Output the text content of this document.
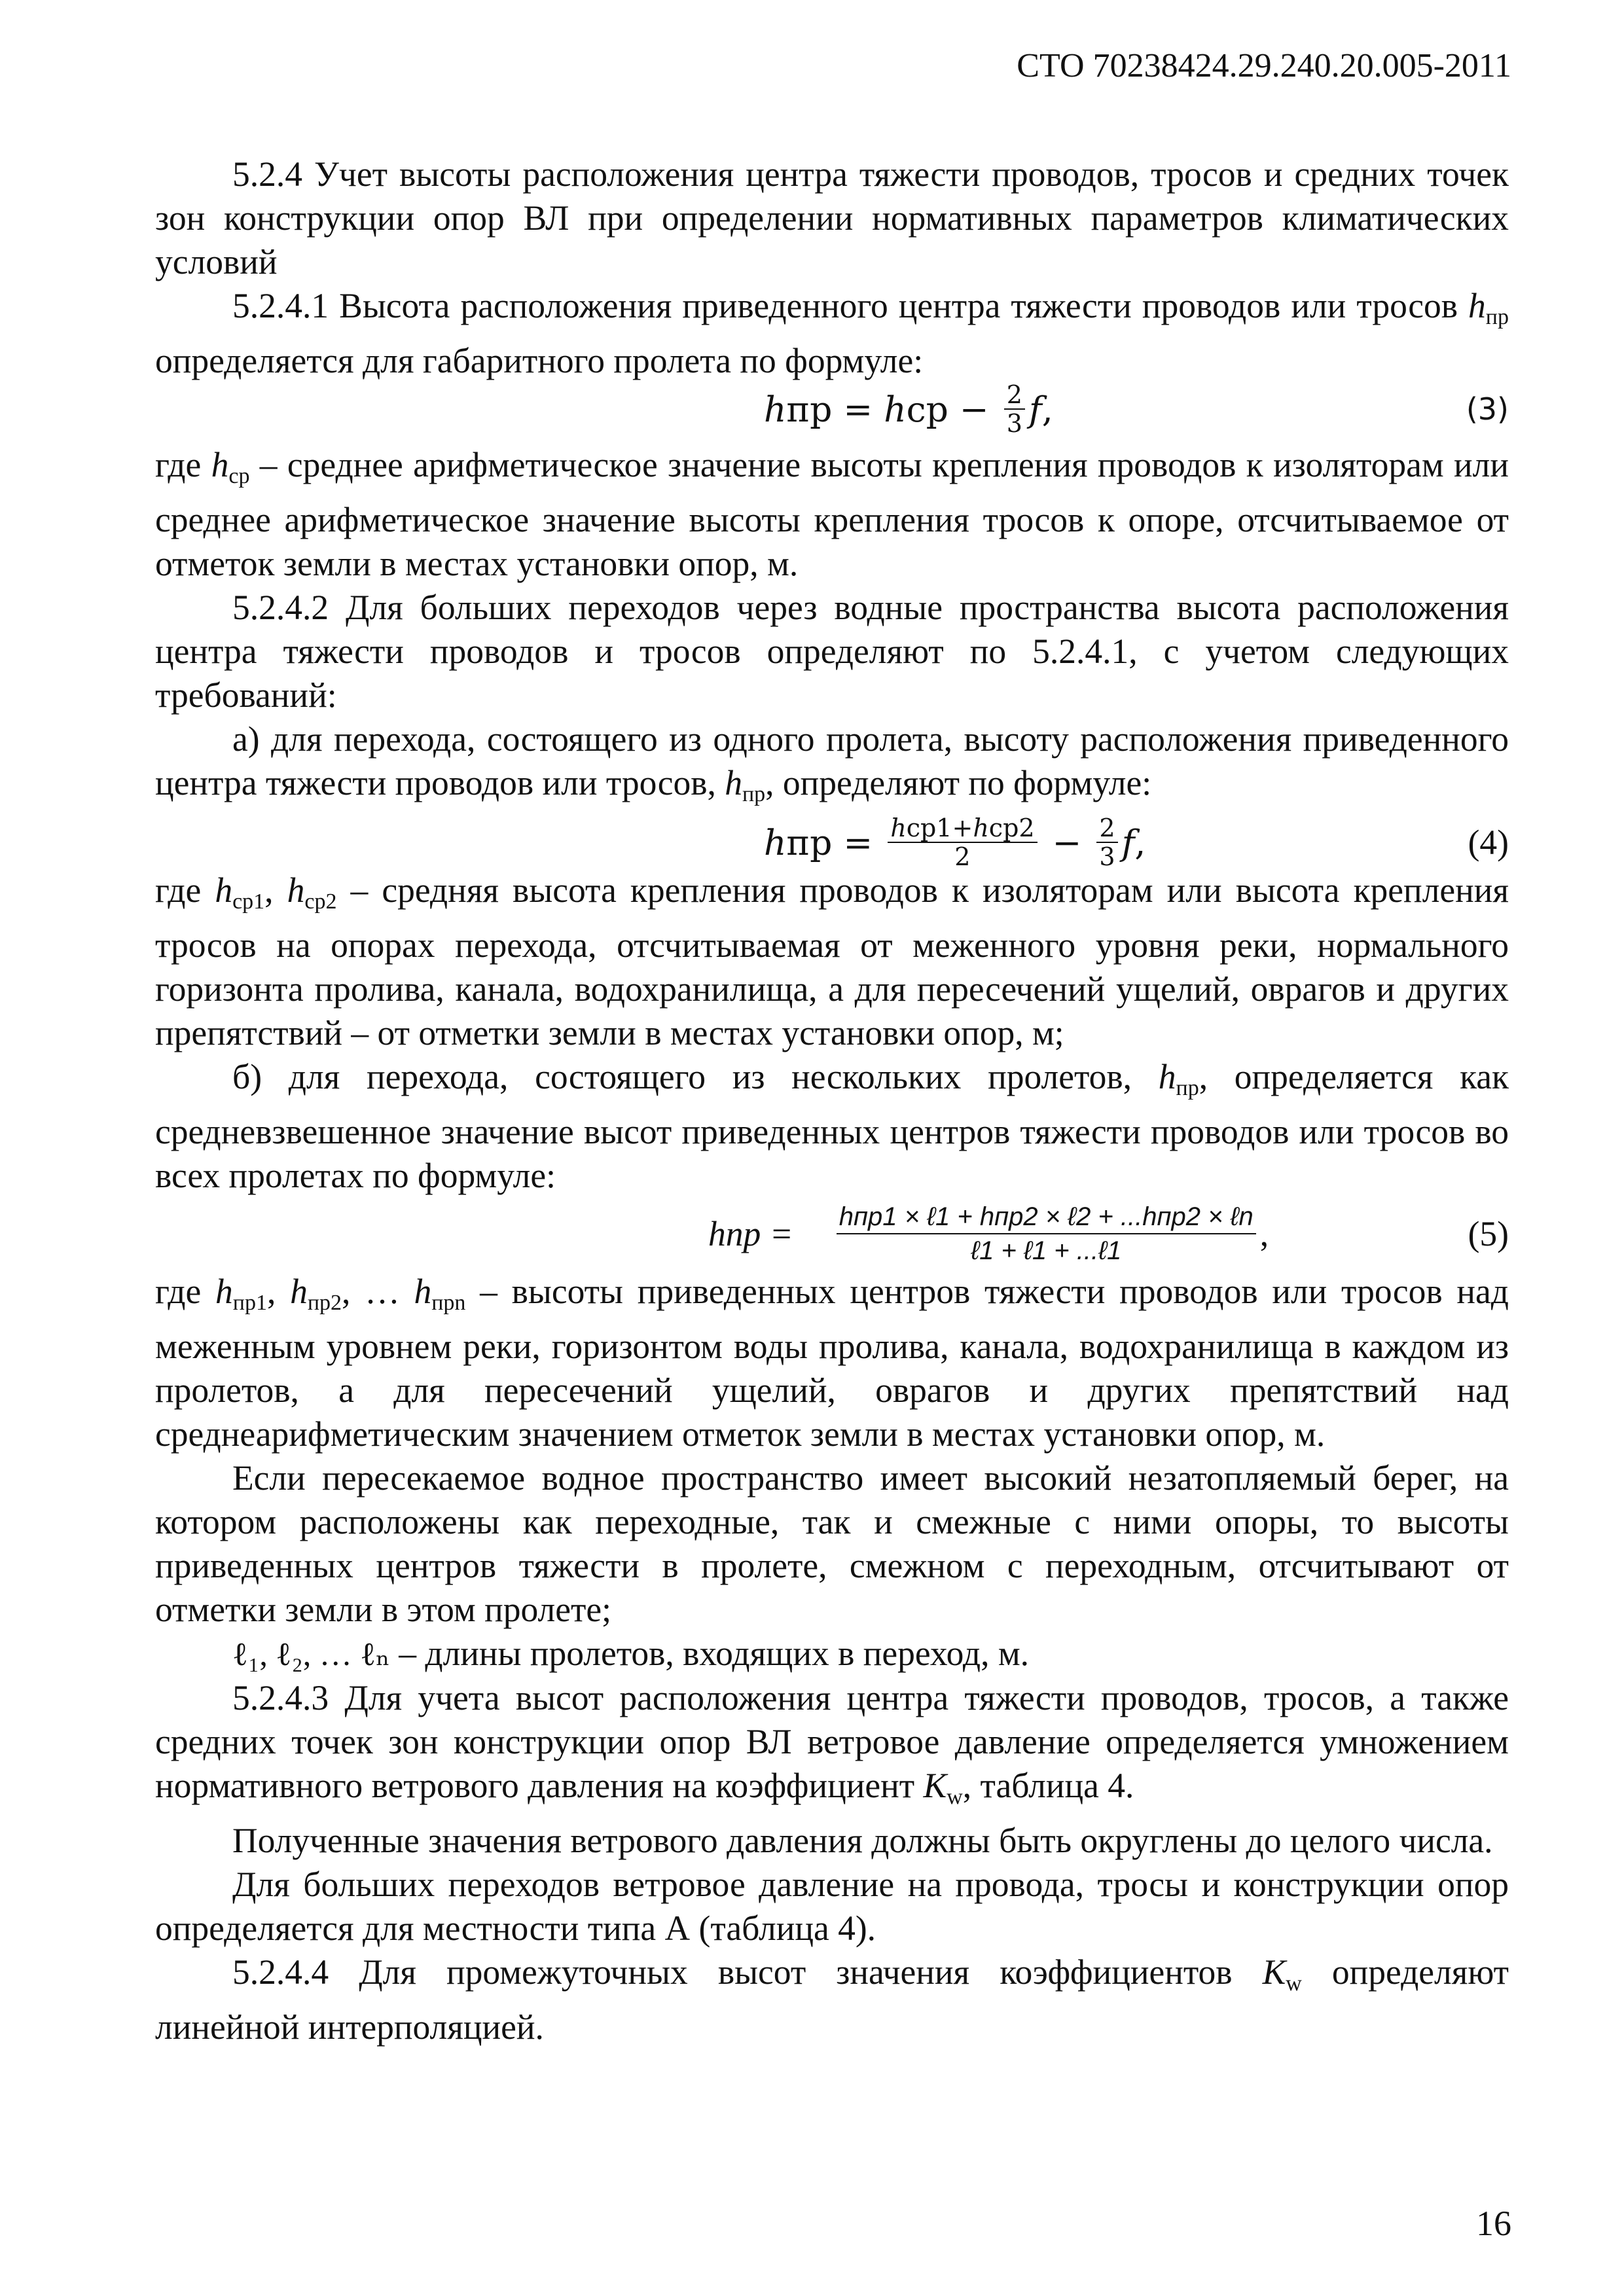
СТО 70238424.29.240.20.005-2011

5.2.4 Учет высоты расположения центра тяжести проводов, тросов и средних точек зон конструкции опор ВЛ при определении нормативных параметров климатических условий

5.2.4.1 Высота расположения приведенного центра тяжести проводов или тросов $h_{пр}$ определяется для габаритного пролета по формуле:

ℎпр = ℎср − $\frac{2}{3}$ 𝑓,	(3)

где $h_{ср}$ – среднее арифметическое значение высоты крепления проводов к изоляторам или среднее арифметическое значение высоты крепления тросов к опоре, отсчитываемое от отметок земли в местах установки опор, м.

5.2.4.2 Для больших переходов через водные пространства высота расположения центра тяжести проводов и тросов определяют по 5.2.4.1, с учетом следующих требований:

а) для перехода, состоящего из одного пролета, высоту расположения приведенного центра тяжести проводов или тросов, $h_{пр}$, определяют по формуле:

ℎпр = $\frac{\text{ℎср1+ℎср2}}{2} - \frac{2}{3}$ 𝑓,	(4)

где $h_{ср1}$, $h_{ср2}$ – средняя высота крепления проводов к изоляторам или высота крепления тросов на опорах перехода, отсчитываемая от меженного уровня реки, нормального горизонта пролива, канала, водохранилища, а для пересечений ущелий, оврагов и других препятствий – от отметки земли в местах установки опор, м;

б) для перехода, состоящего из нескольких пролетов, $h_{пр}$, определяется как средневзвешенное значение высот приведенных центров тяжести проводов или тросов во всех пролетах по формуле:

hпр = $\frac{\text{hпр1 × ℓ1 + hпр2 × ℓ2 + ...hпр2 × ℓn}}{\text{ℓ1 + ℓ1 + ...ℓ1}}$ ,	(5)

где $h_{пр1}$, $h_{пр2}$, … $h_{прn}$ – высоты приведенных центров тяжести проводов или тросов над меженным уровнем реки, горизонтом воды пролива, канала, водохранилища в каждом из пролетов, а для пересечений ущелий, оврагов и других препятствий над среднеарифметическим значением отметок земли в местах установки опор, м.

Если пересекаемое водное пространство имеет высокий незатопляемый берег, на котором расположены как переходные, так и смежные с ними опоры, то высоты приведенных центров тяжести в пролете, смежном с переходным, отсчитывают от отметки земли в этом пролете;

ℓ₁, ℓ₂, … ℓₙ – длины пролетов, входящих в переход, м.

5.2.4.3 Для учета высот расположения центра тяжести проводов, тросов, а также средних точек зон конструкции опор ВЛ ветровое давление определяется умножением нормативного ветрового давления на коэффициент $K_w$, таблица 4.

Полученные значения ветрового давления должны быть округлены до целого числа.

Для больших переходов ветровое давление на провода, тросы и конструкции опор определяется для местности типа А (таблица 4).

5.2.4.4 Для промежуточных высот значения коэффициентов $K_w$ определяют линейной интерполяцией.

16
